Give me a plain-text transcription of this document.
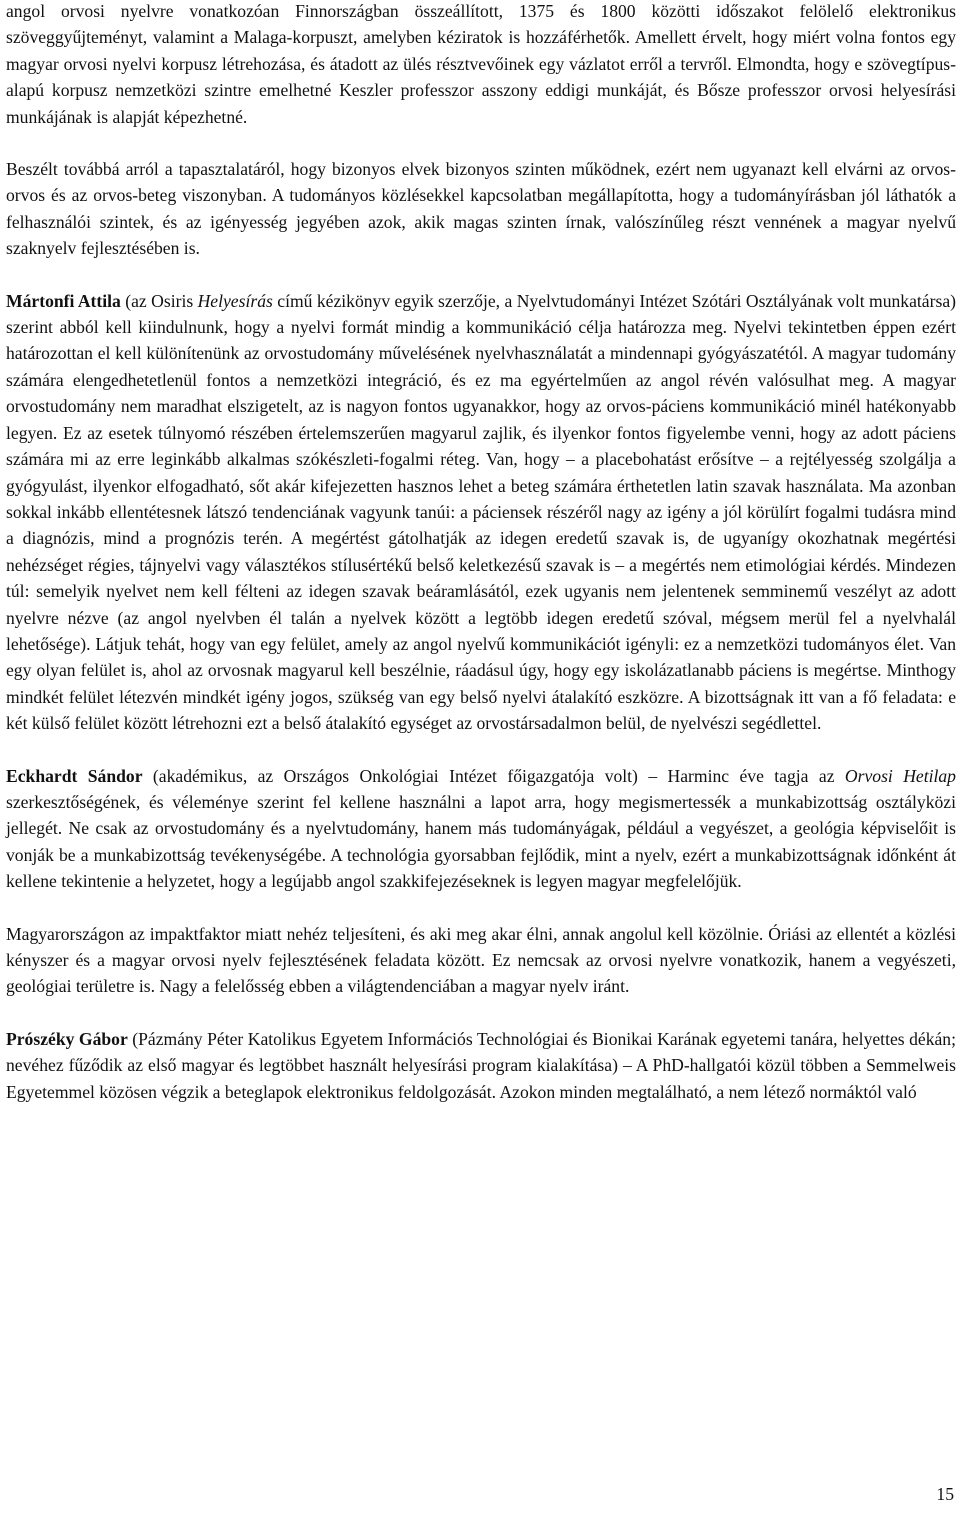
angol orvosi nyelvre vonatkozóan Finnországban összeállított, 1375 és 1800 közötti időszakot felölelő elektronikus szöveggyűjteményt, valamint a Malaga-korpuszt, amelyben kéziratok is hozzáférhetők. Amellett érvelt, hogy miért volna fontos egy magyar orvosi nyelvi korpusz létrehozása, és átadott az ülés résztvevőinek egy vázlatot erről a tervről. Elmondta, hogy e szövegtípus-alapú korpusz nemzetközi szintre emelhetné Keszler professzor asszony eddigi munkáját, és Bősze professzor orvosi helyesírási munkájának is alapját képezhetné.

Beszélt továbbá arról a tapasztalatáról, hogy bizonyos elvek bizonyos szinten működnek, ezért nem ugyanazt kell elvárni az orvos-orvos és az orvos-beteg viszonyban. A tudományos közlésekkel kapcsolatban megállapította, hogy a tudományírásban jól láthatók a felhasználói szintek, és az igényesség jegyében azok, akik magas szinten írnak, valószínűleg részt vennének a magyar nyelvű szaknyelv fejlesztésében is.

Mártonfi Attila (az Osiris Helyesírás című kézikönyv egyik szerzője, a Nyelvtudományi Intézet Szótári Osztályának volt munkatársa) szerint abból kell kiindulnunk, hogy a nyelvi formát mindig a kommunikáció célja határozza meg. Nyelvi tekintetben éppen ezért határozottan el kell különítenünk az orvostudomány művelésének nyelvhasználatát a mindennapi gyógyászatétól. A magyar tudomány számára elengedhetetlenül fontos a nemzetközi integráció, és ez ma egyértelműen az angol révén valósulhat meg. A magyar orvostudomány nem maradhat elszigetelt, az is nagyon fontos ugyanakkor, hogy az orvos-páciens kommunikáció minél hatékonyabb legyen. Ez az esetek túlnyomó részében értelemszerűen magyarul zajlik, és ilyenkor fontos figyelembe venni, hogy az adott páciens számára mi az erre leginkább alkalmas szókészleti-fogalmi réteg. Van, hogy – a placebohatást erősítve – a rejtélyesség szolgálja a gyógyulást, ilyenkor elfogadható, sőt akár kifejezetten hasznos lehet a beteg számára érthetetlen latin szavak használata. Ma azonban sokkal inkább ellentétesnek látszó tendenciának vagyunk tanúi: a páciensek részéről nagy az igény a jól körülírt fogalmi tudásra mind a diagnózis, mind a prognózis terén. A megértést gátolhatják az idegen eredetű szavak is, de ugyanígy okozhatnak megértési nehézséget régies, tájnyelvi vagy választékos stílusértékű belső keletkezésű szavak is – a megértés nem etimológiai kérdés. Mindezen túl: semelyik nyelvet nem kell félteni az idegen szavak beáramlásától, ezek ugyanis nem jelentenek semminemű veszélyt az adott nyelvre nézve (az angol nyelvben él talán a nyelvek között a legtöbb idegen eredetű szóval, mégsem merül fel a nyelvhalál lehetősége). Látjuk tehát, hogy van egy felület, amely az angol nyelvű kommunikációt igényli: ez a nemzetközi tudományos élet. Van egy olyan felület is, ahol az orvosnak magyarul kell beszélnie, ráadásul úgy, hogy egy iskolázatlanabb páciens is megértse. Minthogy mindkét felület létezvén mindkét igény jogos, szükség van egy belső nyelvi átalakító eszközre. A bizottságnak itt van a fő feladata: e két külső felület között létrehozni ezt a belső átalakító egységet az orvostársadalmon belül, de nyelvészi segédlettel.

Eckhardt Sándor (akadémikus, az Országos Onkológiai Intézet főigazgatója volt) – Harminc éve tagja az Orvosi Hetilap szerkesztőségének, és véleménye szerint fel kellene használni a lapot arra, hogy megismertessék a munkabizottság osztályközi jellegét. Ne csak az orvostudomány és a nyelvtudomány, hanem más tudományágak, például a vegyészet, a geológia képviselőit is vonják be a munkabizottság tevékenységébe. A technológia gyorsabban fejlődik, mint a nyelv, ezért a munkabizottságnak időnként át kellene tekintenie a helyzetet, hogy a legújabb angol szakkifejezéseknek is legyen magyar megfelelőjük.

Magyarországon az impaktfaktor miatt nehéz teljesíteni, és aki meg akar élni, annak angolul kell közölnie. Óriási az ellentét a közlési kényszer és a magyar orvosi nyelv fejlesztésének feladata között. Ez nemcsak az orvosi nyelvre vonatkozik, hanem a vegyészeti, geológiai területre is. Nagy a felelősség ebben a világtendenciában a magyar nyelv iránt.

Prószéky Gábor (Pázmány Péter Katolikus Egyetem Információs Technológiai és Bionikai Karának egyetemi tanára, helyettes dékán; nevéhez fűződik az első magyar és legtöbbet használt helyesírási program kialakítása) – A PhD-hallgatói közül többen a Semmelweis Egyetemmel közösen végzik a beteglapok elektronikus feldolgozását. Azokon minden megtalálható, a nem létező normáktól való

15
